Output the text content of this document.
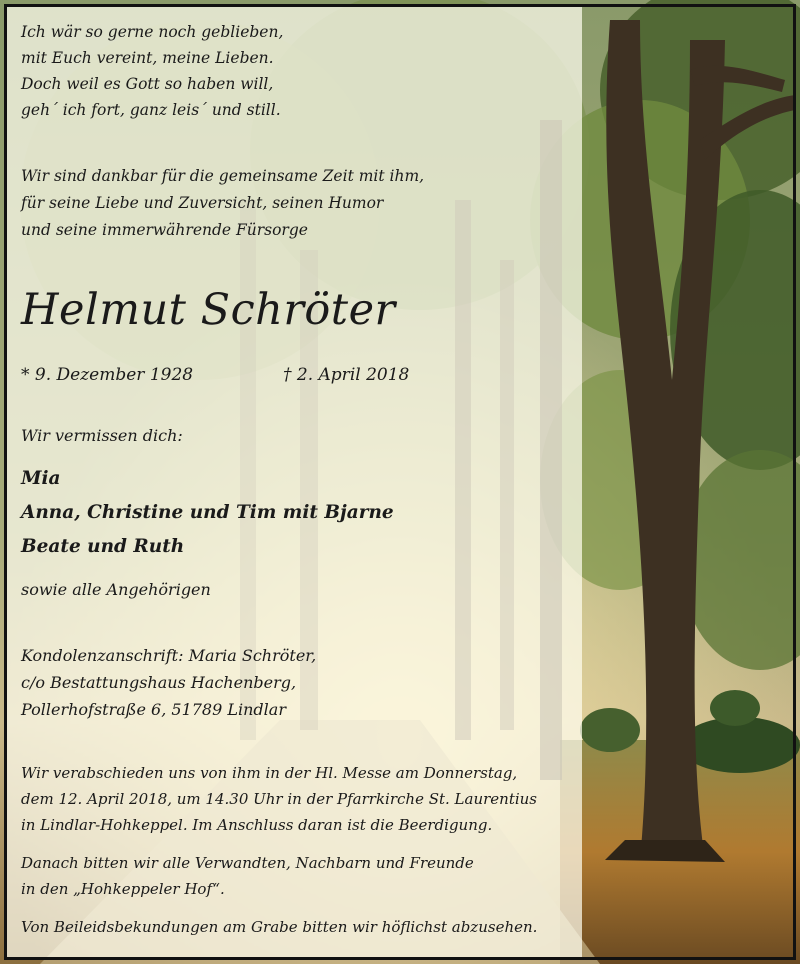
Ich wär so gerne noch geblieben,

mit Euch vereint, meine Lieben.

Doch weil es Gott so haben will,

geh´ ich fort, ganz leis´ und still.

Wir sind dankbar für die gemeinsame Zeit mit ihm,

für seine Liebe und Zuversicht, seinen Humor

und seine immerwährende Fürsorge

Helmut Schröter
* 9. Dezember 1928	† 2. April 2018

Wir vermissen dich:

Mia

Anna, Christine und Tim mit Bjarne

Beate und Ruth

sowie alle Angehörigen

Kondolenzanschrift: Maria Schröter,

c/o Bestattungshaus Hachenberg,

Pollerhofstraße 6, 51789 Lindlar

Wir verabschieden uns von ihm in der Hl. Messe am Donnerstag,

dem 12. April 2018, um 14.30 Uhr in der Pfarrkirche St. Laurentius

in Lindlar-Hohkeppel. Im Anschluss daran ist die Beerdigung.

Danach bitten wir alle Verwandten, Nachbarn und Freunde

in den „Hohkeppeler Hof“.

Von Beileidsbekundungen am Grabe bitten wir höflichst abzusehen.
